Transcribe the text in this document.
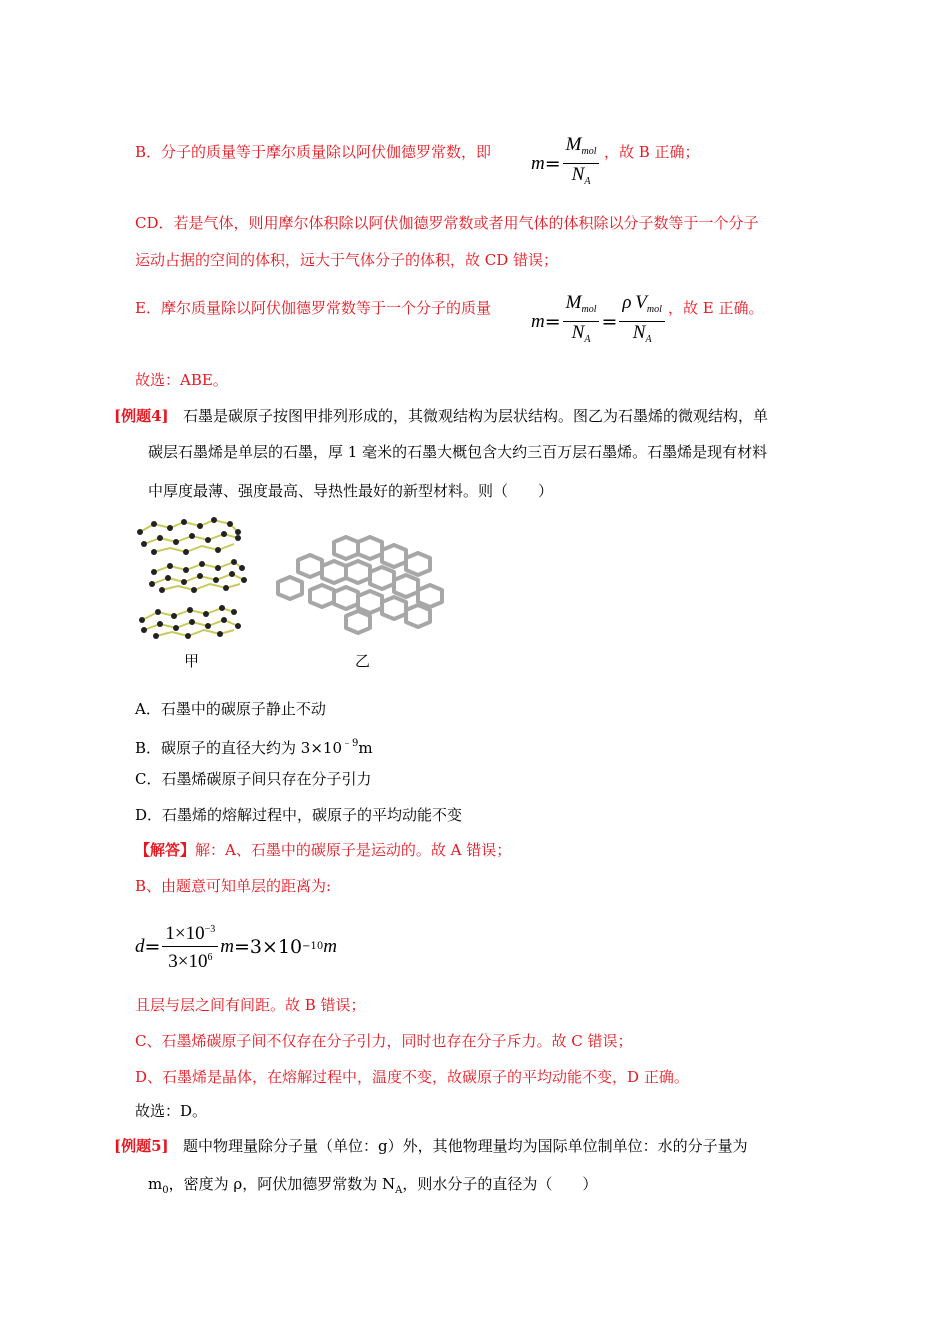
B．分子的质量等于摩尔质量除以阿伏伽德罗常数，即
$m = \frac{M_{mol}}{N_A}$ ，故 B 正确；
CD．若是气体，则用摩尔体积除以阿伏伽德罗常数或者用气体的体积除以分子数等于一个分子
运动占据的空间的体积，远大于气体分子的体积，故 CD 错误；
E．摩尔质量除以阿伏伽德罗常数等于一个分子的质量
$m = \frac{M_{mol}}{N_A} = \frac{\rho V_{mol}}{N_A}$ ，故 E 正确。
故选：ABE。
[例题4] 石墨是碳原子按图甲排列形成的，其微观结构为层状结构。图乙为石墨烯的微观结构，单
碳层石墨烯是单层的石墨，厚 1 毫米的石墨大概包含大约三百万层石墨烯。石墨烯是现有材料
中厚度最薄、强度最高、导热性最好的新型材料。则（　　）
甲	乙
A．石墨中的碳原子静止不动
B．碳原子的直径大约为 $3\times 10^{﹣9}m$
C．石墨烯碳原子间只存在分子引力
D．石墨烯的熔解过程中，碳原子的平均动能不变
【解答】解：A、石墨中的碳原子是运动的。故 A 错误；
B、由题意可知单层的距离为:
$d = \frac{1\times 10^{-3}}{3\times 10^6}$ m =3×10 −10 m
且层与层之间有间距。故 B 错误；
C、石墨烯碳原子间不仅存在分子引力，同时也存在分子斥力。故 C 错误；
D、石墨烯是晶体，在熔解过程中，温度不变，故碳原子的平均动能不变，D 正确。
故选：D。
[例题5] 题中物理量除分子量（单位：g）外，其他物理量均为国际单位制单位：水的分子量为
$m_0$，密度为 ρ，阿伏加德罗常数为 $N_A$，则水分子的直径为（　　）
